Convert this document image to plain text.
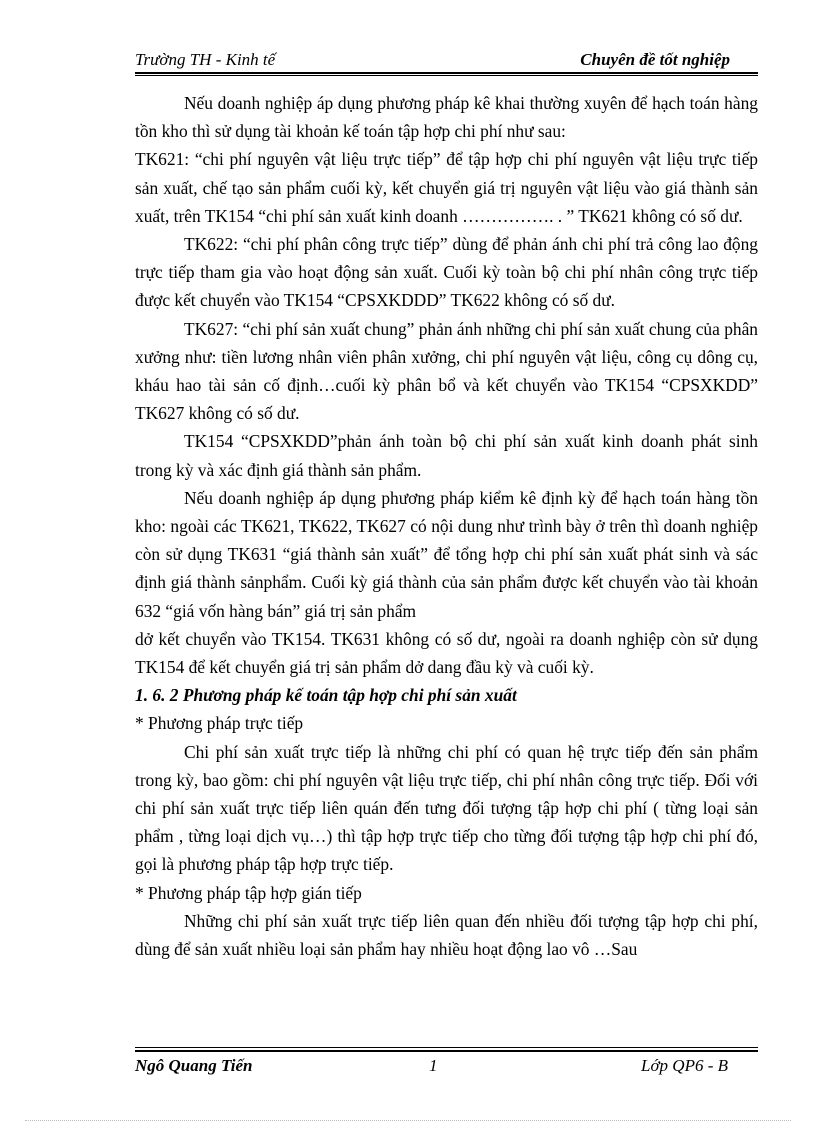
Trường TH - Kinh tế	Chuyên đề tốt nghiệp

Nếu doanh nghiệp áp dụng phương pháp kê khai thường xuyên để hạch toán hàng tồn kho thì sử dụng tài khoản kế toán tập hợp chi phí như sau:

TK621: “chi phí nguyên vật liệu trực tiếp” để tập hợp chi phí nguyên vật liệu trực tiếp sản xuất, chế tạo sản phẩm cuối kỳ, kết chuyển giá trị nguyên vật liệu vào giá thành sản xuất, trên TK154 “chi phí sản xuất kinh doanh ……………. . ” TK621 không có số dư.

TK622: “chi phí phân công trực tiếp” dùng để phản ánh chi phí trả công lao động trực tiếp tham gia vào hoạt động sản xuất. Cuối kỳ toàn bộ chi phí nhân công trực tiếp được kết chuyển vào TK154 “CPSXKDDD” TK622 không có số dư.

TK627: “chi phí sản xuất chung” phản ánh những chi phí sản xuất chung của phân xưởng như: tiền lương nhân viên phân xưởng, chi phí nguyên vật liệu, công cụ dông cụ, kháu hao tài sản cố định…cuối kỳ phân bổ và kết chuyển vào TK154 “CPSXKDD” TK627 không có số dư.

TK154 “CPSXKDD”phản ánh toàn bộ chi phí sản xuất kinh doanh phát sinh trong kỳ và xác định giá thành sản phẩm.

Nếu doanh nghiệp áp dụng phương pháp kiểm kê định kỳ để hạch toán hàng tồn kho: ngoài các TK621, TK622, TK627 có nội dung như trình bày ở trên thì doanh nghiệp còn sử dụng TK631 “giá thành sản xuất” để tổng hợp chi phí sản xuất phát sinh và sác định giá thành sảnphẩm. Cuối kỳ giá thành của sản phẩm được kết chuyển vào tài khoản 632 “giá vốn hàng bán” giá trị sản phẩm

dở kết chuyển vào TK154. TK631 không có số dư, ngoài ra doanh nghiệp còn sử dụng TK154 để kết chuyển giá trị sản phẩm dở dang đầu kỳ và cuối kỳ.

1. 6. 2 Phương pháp kế toán tập hợp chi phí sản xuất

* Phương pháp trực tiếp

Chi phí sản xuất trực tiếp là những chi phí có quan hệ trực tiếp đến sản phẩm trong kỳ, bao gồm: chi phí nguyên vật liệu trực tiếp, chi phí nhân công trực tiếp. Đối với chi phí sản xuất trực tiếp liên quán đến tưng đối tượng tập hợp chi phí ( từng loại sản phẩm , từng loại dịch vụ…) thì tập hợp trực tiếp cho từng đối tượng tập hợp chi phí đó, gọi là phương pháp tập hợp trực tiếp.

* Phương pháp tập hợp gián tiếp

Những chi phí sản xuất trực tiếp liên quan đến nhiều đối tượng tập hợp chi phí, dùng để sản xuất nhiều loại sản phẩm hay nhiều hoạt động lao vô …Sau

Ngô Quang Tiến	1	Lớp QP6 - B
